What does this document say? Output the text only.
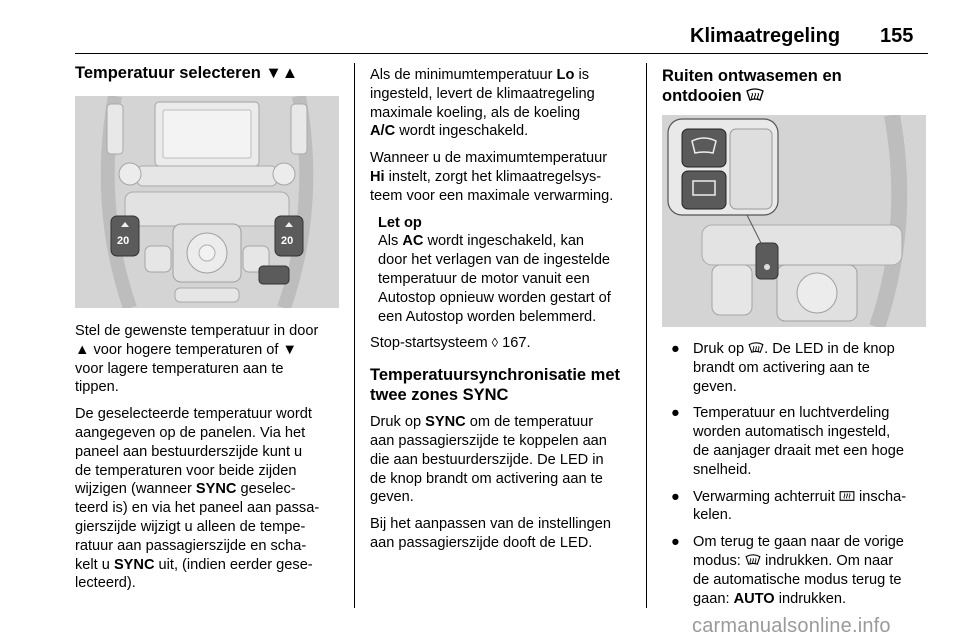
Klimaatregeling 155
Temperatuur selecteren ▼▲
20	20

Stel de gewenste temperatuur in door
▲ voor hogere temperaturen of ▼
voor lagere temperaturen aan te
tippen.

De geselecteerde temperatuur wordt
aangegeven op de panelen. Via het
paneel aan bestuurderszijde kunt u
de temperaturen voor beide zijden
wijzigen (wanneer SYNC geselec-
teerd is) en via het paneel aan passa-
gierszijde wijzigt u alleen de tempe-
ratuur aan passagierszijde en scha-
kelt u SYNC uit, (indien eerder gese-
lecteerd).

Als de minimumtemperatuur Lo is
ingesteld, levert de klimaatregeling
maximale koeling, als de koeling
A/C wordt ingeschakeld.

Wanneer u de maximumtemperatuur
Hi instelt, zorgt het klimaatregelsys-
teem voor een maximale verwarming.

Let op
Als AC wordt ingeschakeld, kan
door het verlagen van de ingestelde
temperatuur de motor vanuit een
Autostop opnieuw worden gestart of
een Autostop worden belemmerd.

Stop-startsysteem ◊ 167.

Temperatuursynchronisatie met
twee zones SYNC

Druk op SYNC om de temperatuur
aan passagierszijde te koppelen aan
die aan bestuurderszijde. De LED in
de knop brandt om activering aan te
geven.

Bij het aanpassen van de instellingen
aan passagierszijde dooft de LED.

Ruiten ontwasemen en
ontdooien
● Druk op . De LED in de knop
brandt om activering aan te
geven.
● Temperatuur en luchtverdeling
worden automatisch ingesteld,
de aanjager draait met een hoge
snelheid.
● Verwarming achterruit  inscha-
kelen.
● Om terug te gaan naar de vorige
modus:  indrukken. Om naar
de automatische modus terug te
gaan: AUTO indrukken.
carmanualsonline.info
